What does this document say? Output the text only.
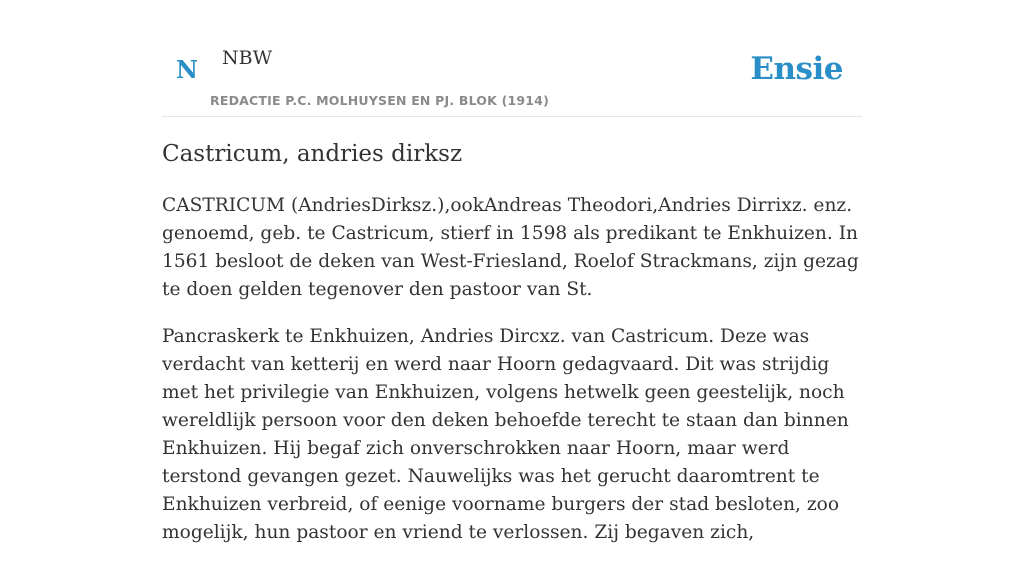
N NBW
REDACTIE P.C. MOLHUYSEN EN PJ. BLOK (1914)
Ensie
Castricum, andries dirksz

CASTRICUM (AndriesDirksz.),ookAndreas Theodori,Andries Dirrixz. enz. genoemd, geb. te Castricum, stierf in 1598 als predikant te Enkhuizen. In 1561 besloot de deken van West-Friesland, Roelof Strackmans, zijn gezag te doen gelden tegenover den pastoor van St.

Pancraskerk te Enkhuizen, Andries Dircxz. van Castricum. Deze was verdacht van ketterij en werd naar Hoorn gedagvaard. Dit was strijdig met het privilegie van Enkhuizen, volgens hetwelk geen geestelijk, noch wereldlijk persoon voor den deken behoefde terecht te staan dan binnen Enkhuizen. Hij begaf zich onverschrokken naar Hoorn, maar werd terstond gevangen gezet. Nauwelijks was het gerucht daaromtrent te Enkhuizen verbreid, of eenige voorname burgers der stad besloten, zoo mogelijk, hun pastoor en vriend te verlossen. Zij begaven zich,
